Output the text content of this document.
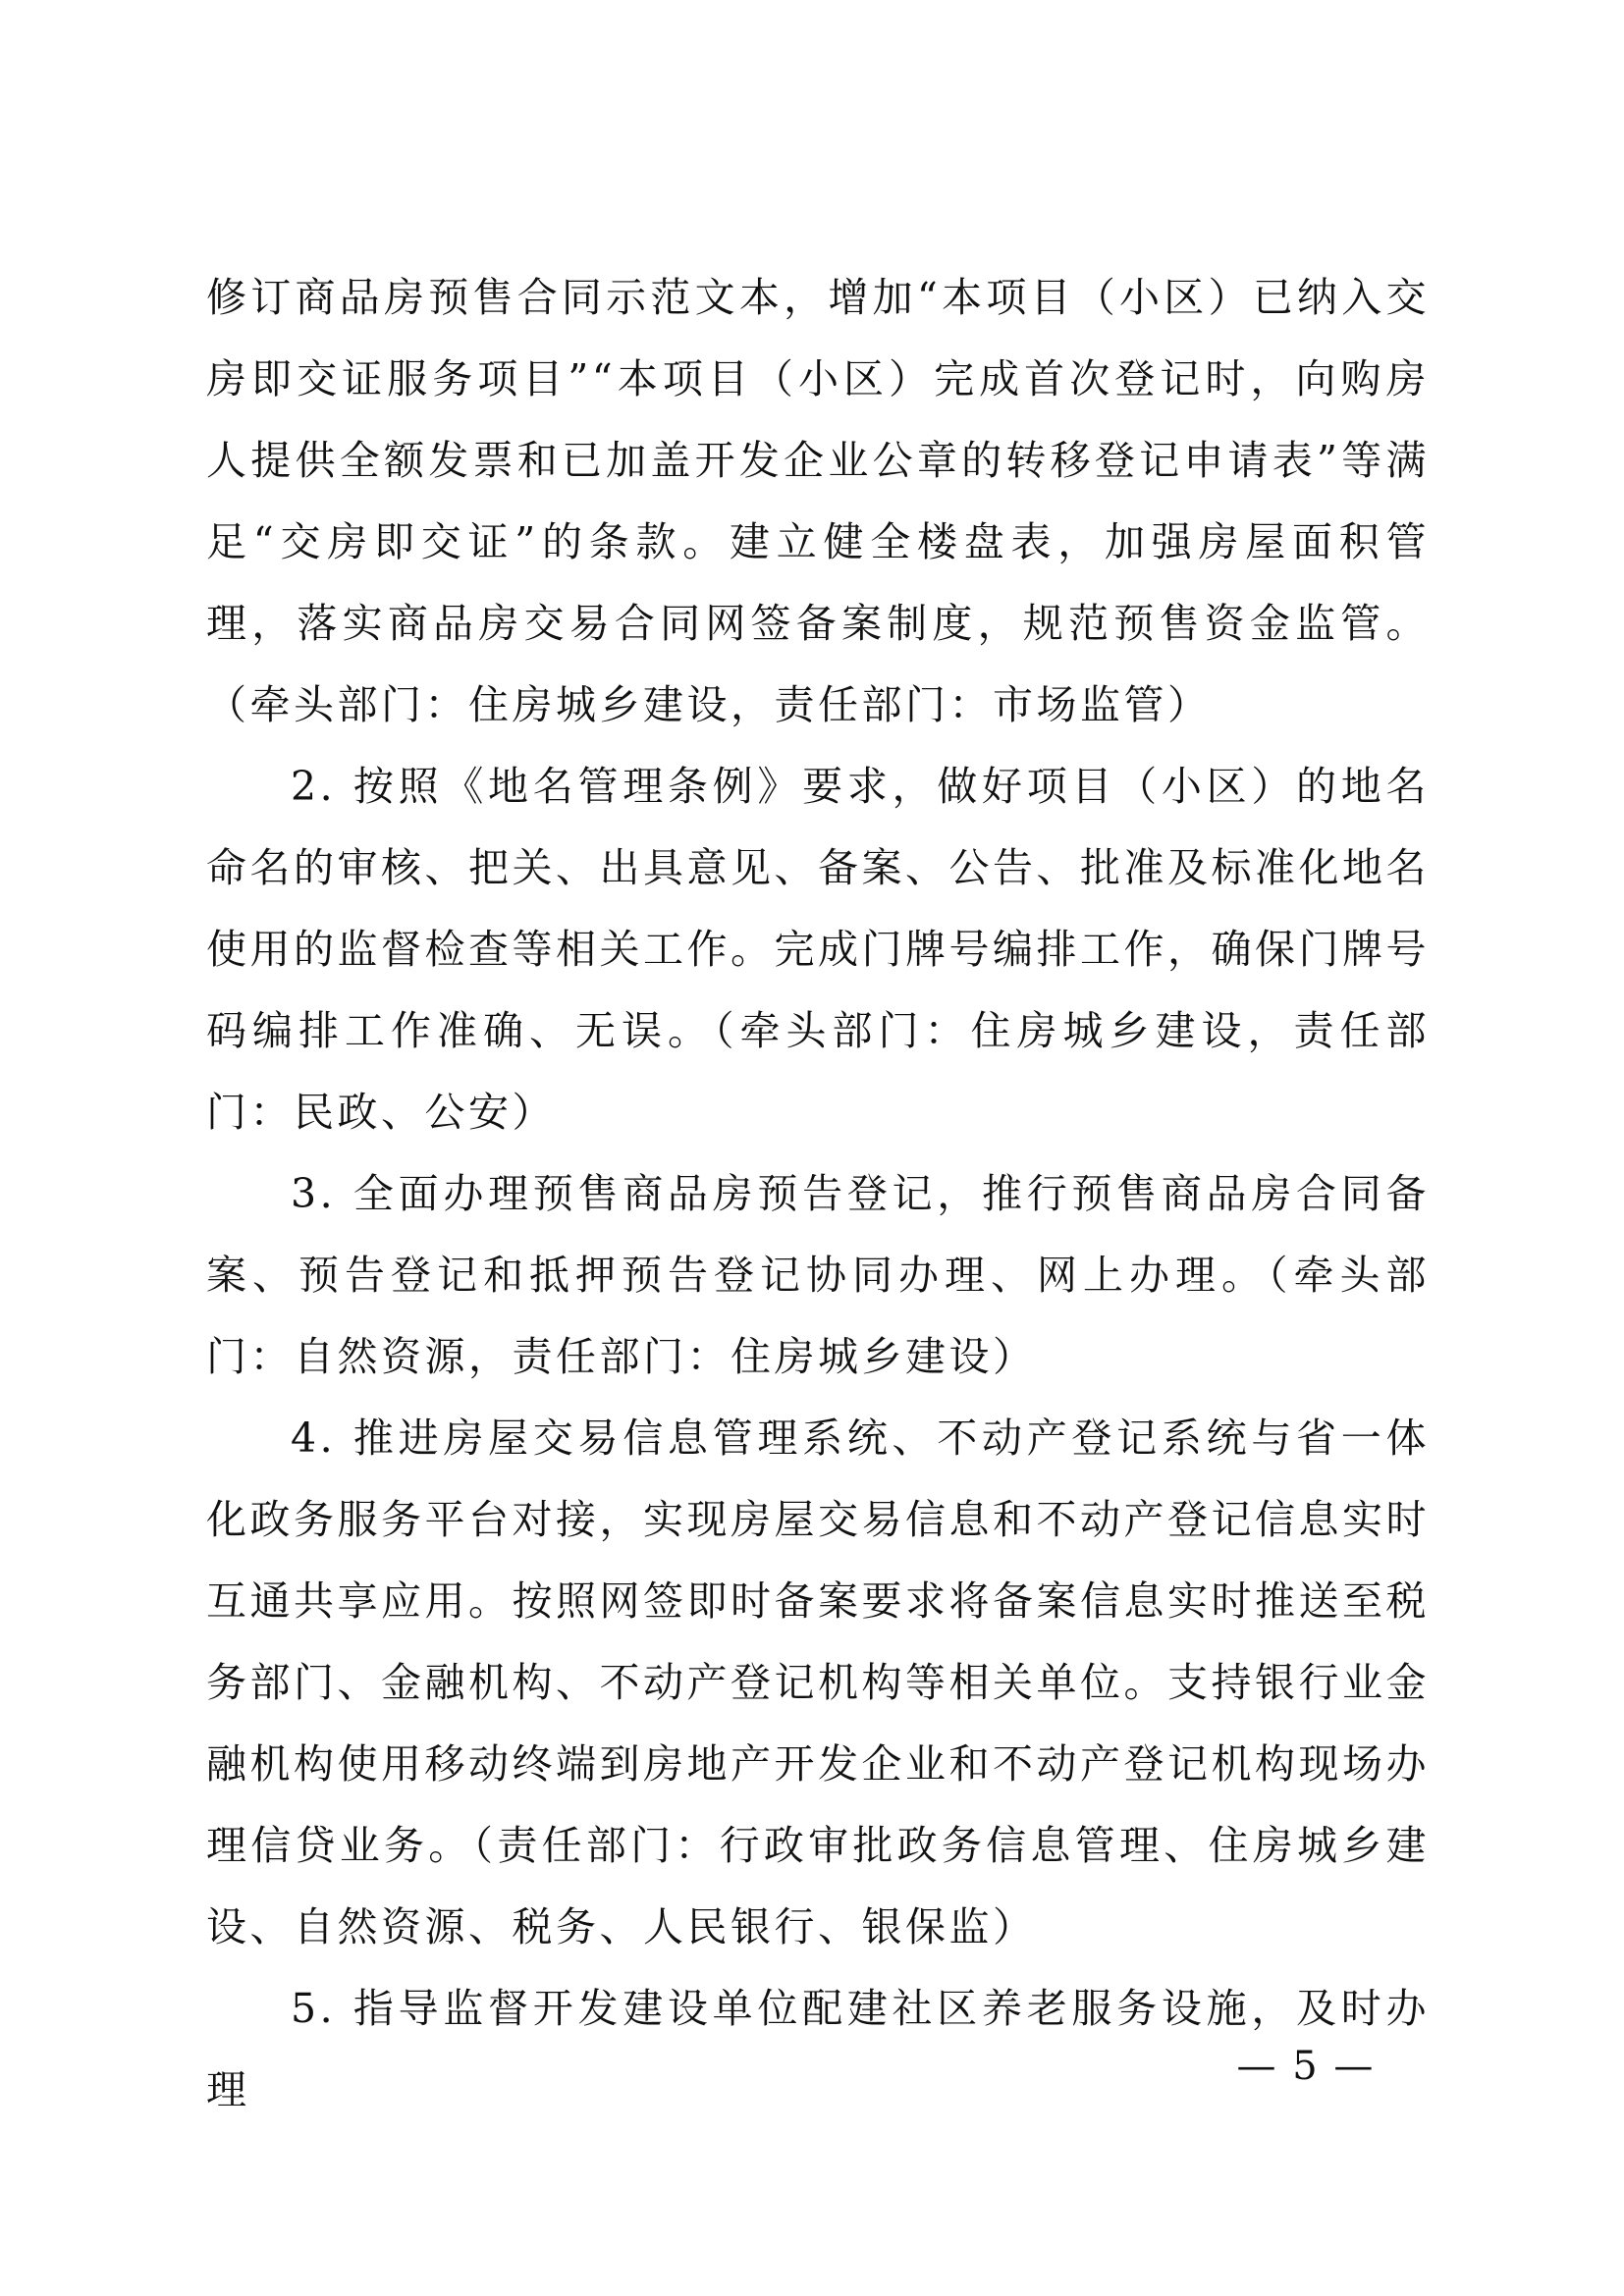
修订商品房预售合同示范文本，增加“本项目（小区）已纳入交房即交证服务项目”“本项目（小区）完成首次登记时，向购房人提供全额发票和已加盖开发企业公章的转移登记申请表”等满足“交房即交证”的条款。建立健全楼盘表，加强房屋面积管理，落实商品房交易合同网签备案制度，规范预售资金监管。（牵头部门：住房城乡建设，责任部门：市场监管）

2. 按照《地名管理条例》要求，做好项目（小区）的地名命名的审核、把关、出具意见、备案、公告、批准及标准化地名使用的监督检查等相关工作。完成门牌号编排工作，确保门牌号码编排工作准确、无误。（牵头部门：住房城乡建设，责任部门：民政、公安）

3. 全面办理预售商品房预告登记，推行预售商品房合同备案、预告登记和抵押预告登记协同办理、网上办理。（牵头部门：自然资源，责任部门：住房城乡建设）

4. 推进房屋交易信息管理系统、不动产登记系统与省一体化政务服务平台对接，实现房屋交易信息和不动产登记信息实时互通共享应用。按照网签即时备案要求将备案信息实时推送至税务部门、金融机构、不动产登记机构等相关单位。支持银行业金融机构使用移动终端到房地产开发企业和不动产登记机构现场办理信贷业务。（责任部门：行政审批政务信息管理、住房城乡建设、自然资源、税务、人民银行、银保监）

5. 指导监督开发建设单位配建社区养老服务设施，及时办理	— 5 —
